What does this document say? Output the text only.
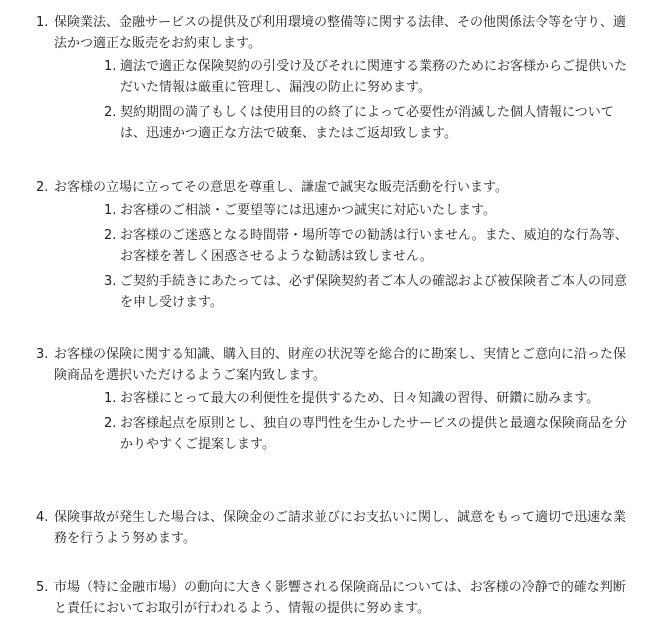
1. 保険業法、金融サービスの提供及び利用環境の整備等に関する法律、その他関係法令等を守り、適法かつ適正な販売をお約束します。
1. 適法で適正な保険契約の引受け及びそれに関連する業務のためにお客様からご提供いただいた情報は厳重に管理し、漏洩の防止に努めます。
2. 契約期間の満了もしくは使用目的の終了によって必要性が消滅した個人情報については、迅速かつ適正な方法で破棄、またはご返却致します。
2. お客様の立場に立ってその意思を尊重し、謙虚で誠実な販売活動を行います。
1. お客様のご相談・ご要望等には迅速かつ誠実に対応いたします。
2. お客様のご迷惑となる時間帯・場所等での勧誘は行いません。また、威迫的な行為等、お客様を著しく困惑させるような勧誘は致しません。
3. ご契約手続きにあたっては、必ず保険契約者ご本人の確認および被保険者ご本人の同意を申し受けます。
3. お客様の保険に関する知識、購入目的、財産の状況等を総合的に勘案し、実情とご意向に沿った保険商品を選択いただけるようご案内致します。
1. お客様にとって最大の利便性を提供するため、日々知識の習得、研鑽に励みます。
2. お客様起点を原則とし、独自の専門性を生かしたサービスの提供と最適な保険商品を分かりやすくご提案します。
4. 保険事故が発生した場合は、保険金のご請求並びにお支払いに関し、誠意をもって適切で迅速な業務を行うよう努めます。
5. 市場（特に金融市場）の動向に大きく影響される保険商品については、お客様の冷静で的確な判断と責任においてお取引が行われるよう、情報の提供に努めます。
